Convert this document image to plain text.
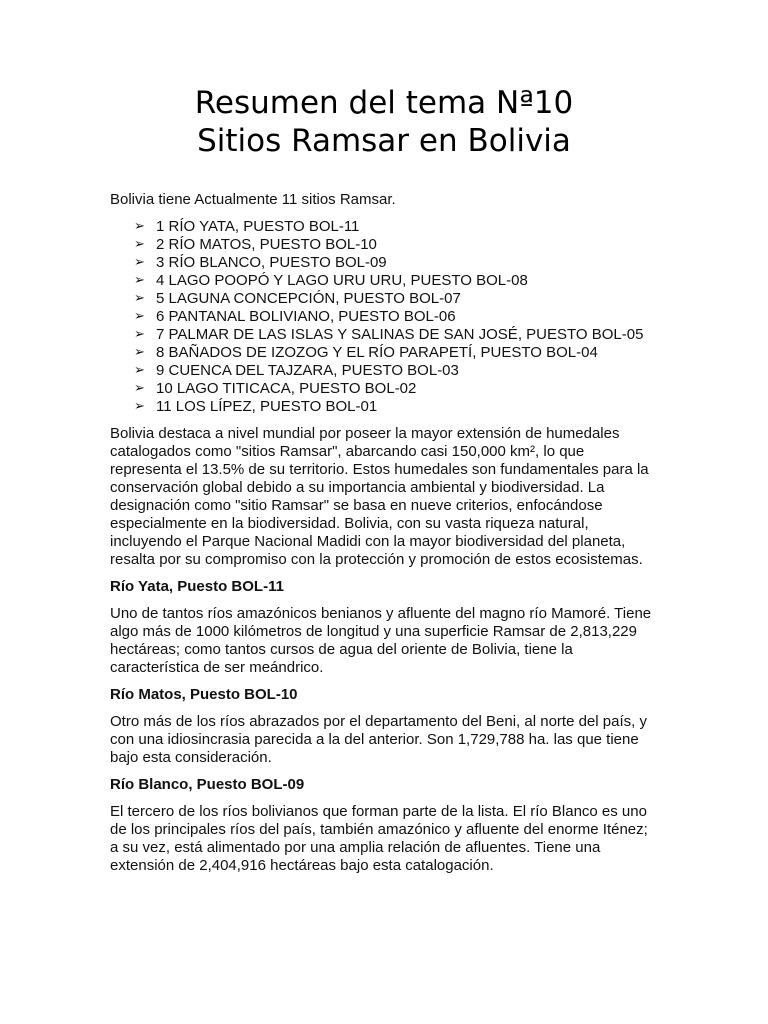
Resumen del tema Nª10
Sitios Ramsar en Bolivia

Bolivia tiene Actualmente 11 sitios Ramsar.

➢ 1 RÍO YATA, PUESTO BOL-11
➢ 2 RÍO MATOS, PUESTO BOL-10
➢ 3 RÍO BLANCO, PUESTO BOL-09
➢ 4 LAGO POOPÓ Y LAGO URU URU, PUESTO BOL-08
➢ 5 LAGUNA CONCEPCIÓN, PUESTO BOL-07
➢ 6 PANTANAL BOLIVIANO, PUESTO BOL-06
➢ 7 PALMAR DE LAS ISLAS Y SALINAS DE SAN JOSÉ, PUESTO BOL-05
➢ 8 BAÑADOS DE IZOZOG Y EL RÍO PARAPETÍ, PUESTO BOL-04
➢ 9 CUENCA DEL TAJZARA, PUESTO BOL-03
➢ 10 LAGO TITICACA, PUESTO BOL-02
➢ 11 LOS LÍPEZ, PUESTO BOL-01

Bolivia destaca a nivel mundial por poseer la mayor extensión de humedales catalogados como "sitios Ramsar", abarcando casi 150,000 km², lo que representa el 13.5% de su territorio. Estos humedales son fundamentales para la conservación global debido a su importancia ambiental y biodiversidad. La designación como "sitio Ramsar" se basa en nueve criterios, enfocándose especialmente en la biodiversidad. Bolivia, con su vasta riqueza natural, incluyendo el Parque Nacional Madidi con la mayor biodiversidad del planeta, resalta por su compromiso con la protección y promoción de estos ecosistemas.

Río Yata, Puesto BOL-11

Uno de tantos ríos amazónicos benianos y afluente del magno río Mamoré. Tiene algo más de 1000 kilómetros de longitud y una superficie Ramsar de 2,813,229 hectáreas; como tantos cursos de agua del oriente de Bolivia, tiene la característica de ser meándrico.

Río Matos, Puesto BOL-10

Otro más de los ríos abrazados por el departamento del Beni, al norte del país, y con una idiosincrasia parecida a la del anterior. Son 1,729,788 ha. las que tiene bajo esta consideración.

Río Blanco, Puesto BOL-09

El tercero de los ríos bolivianos que forman parte de la lista. El río Blanco es uno de los principales ríos del país, también amazónico y afluente del enorme Iténez; a su vez, está alimentado por una amplia relación de afluentes. Tiene una extensión de 2,404,916 hectáreas bajo esta catalogación.
